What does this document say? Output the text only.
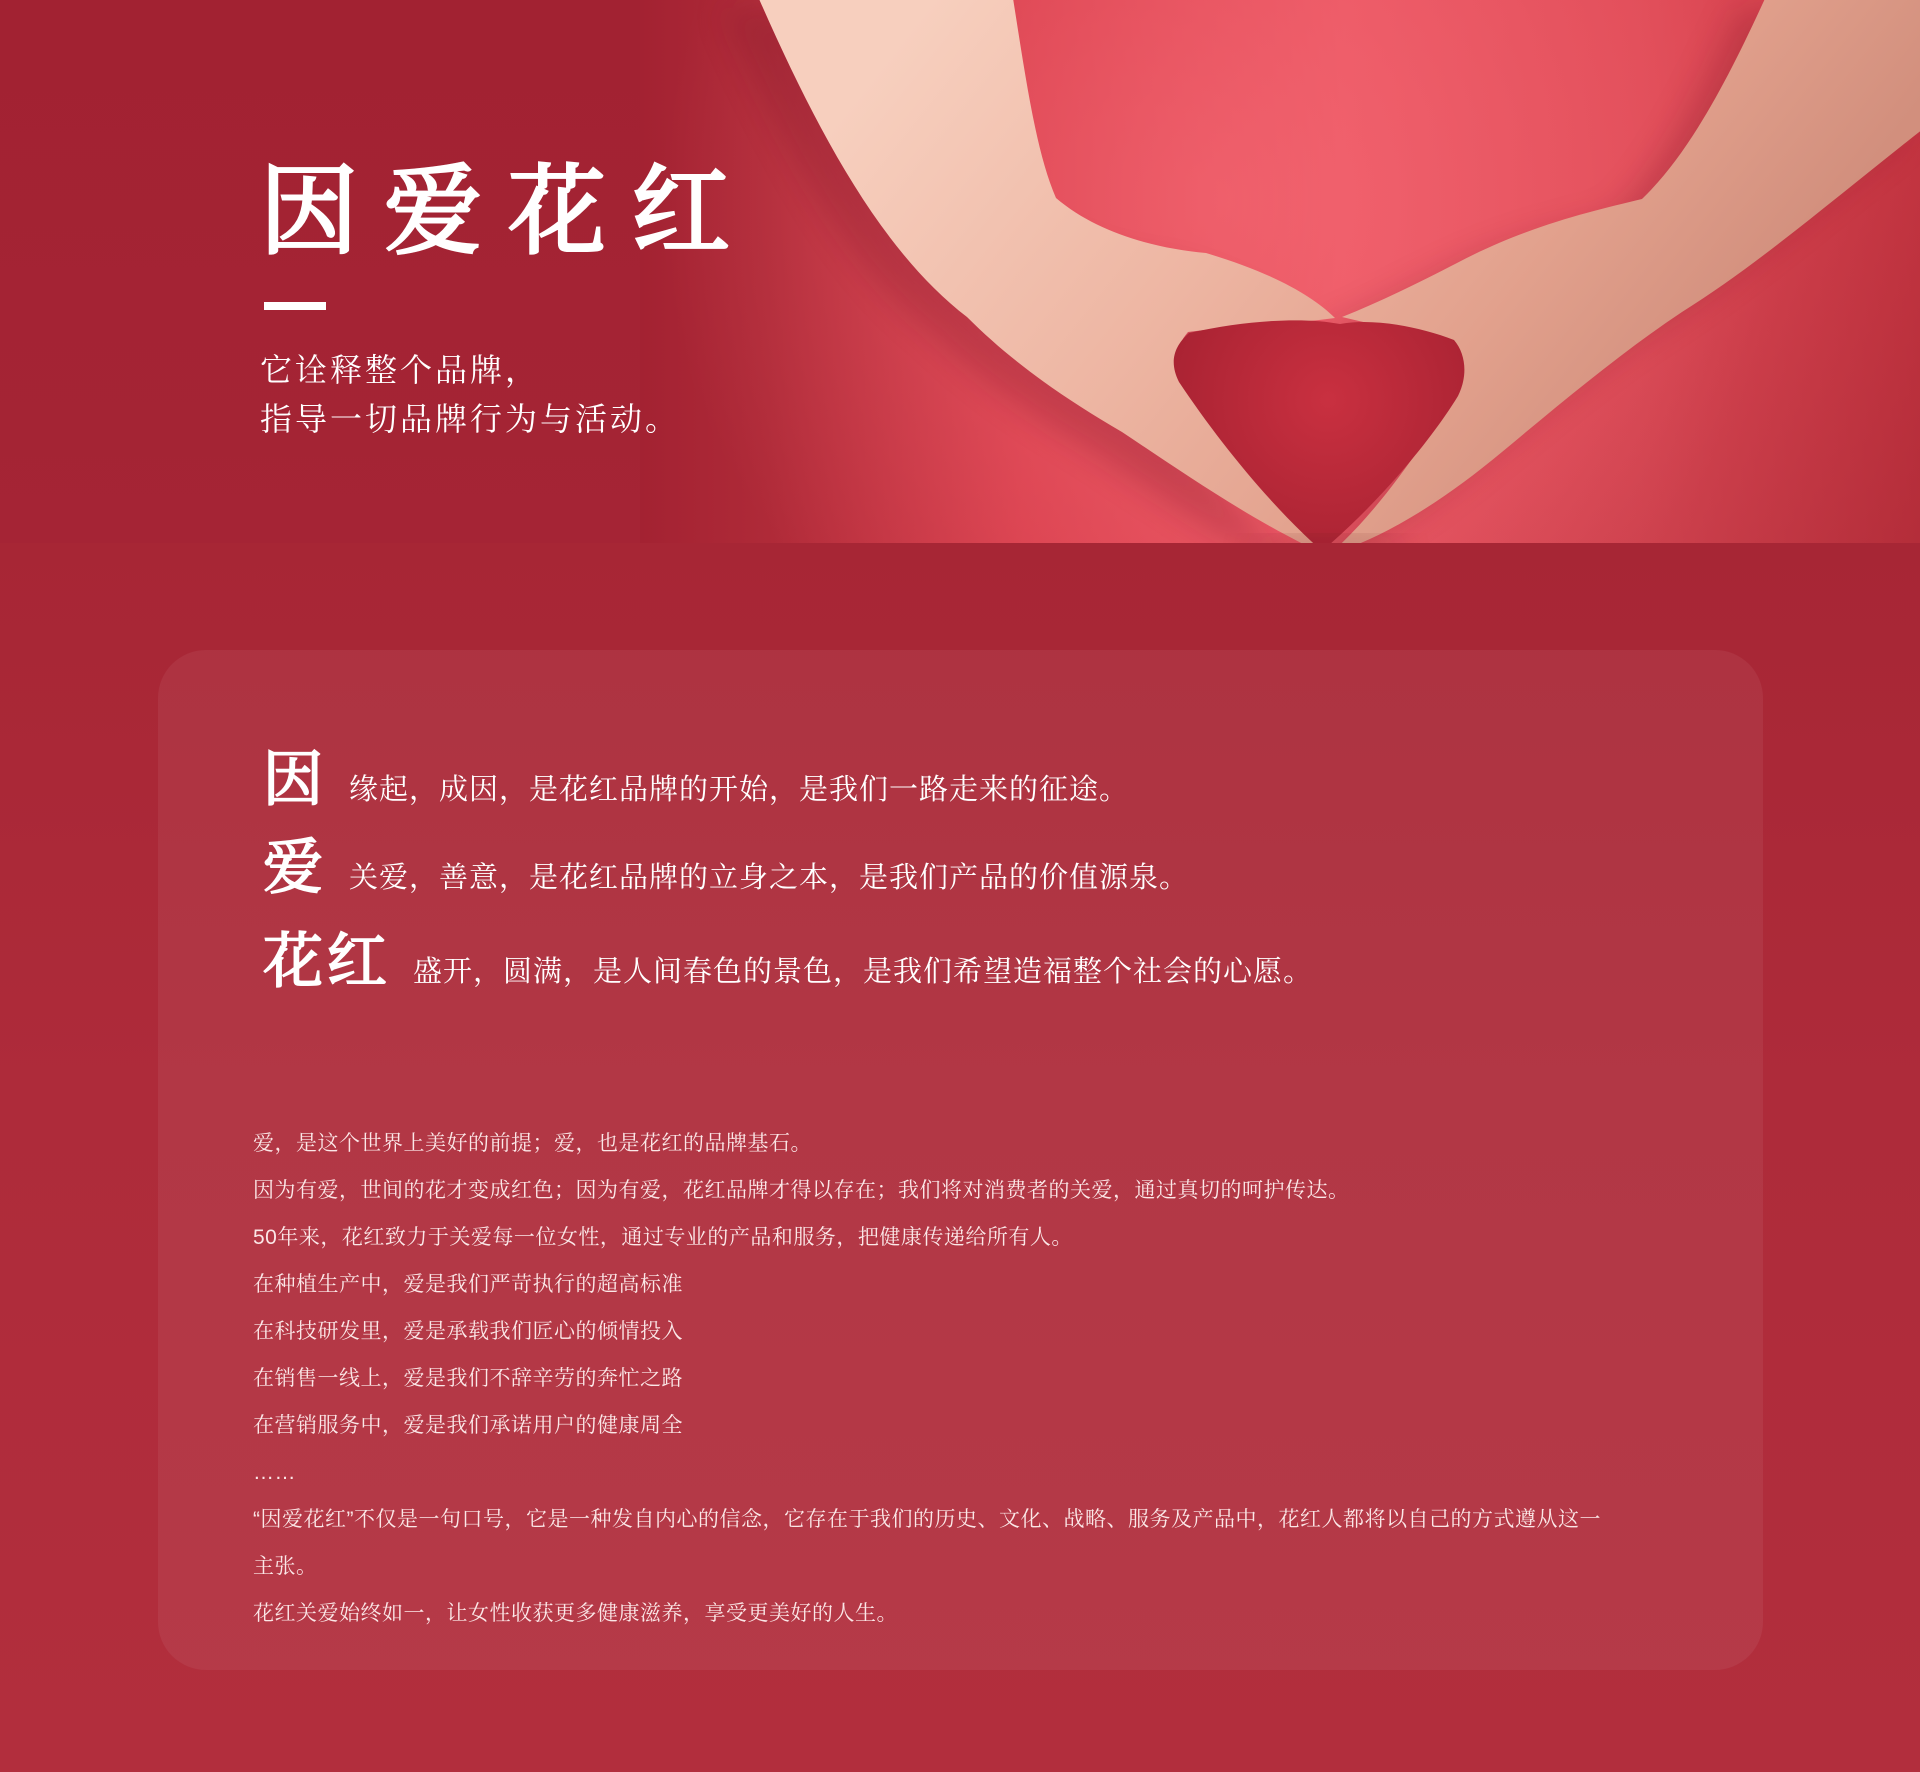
因爱花红

它诠释整个品牌，

指导一切品牌行为与活动。

因 缘起，成因，是花红品牌的开始，是我们一路走来的征途。
爱 关爱，善意，是花红品牌的立身之本，是我们产品的价值源泉。
花红 盛开，圆满，是人间春色的景色，是我们希望造福整个社会的心愿。

爱，是这个世界上美好的前提；爱，也是花红的品牌基石。

因为有爱，世间的花才变成红色；因为有爱，花红品牌才得以存在；我们将对消费者的关爱，通过真切的呵护传达。

50年来，花红致力于关爱每一位女性，通过专业的产品和服务，把健康传递给所有人。

在种植生产中，爱是我们严苛执行的超高标准

在科技研发里，爱是承载我们匠心的倾情投入

在销售一线上，爱是我们不辞辛劳的奔忙之路

在营销服务中，爱是我们承诺用户的健康周全

……

“因爱花红”不仅是一句口号，它是一种发自内心的信念，它存在于我们的历史、文化、战略、服务及产品中，花红人都将以自己的方式遵从这一

主张。

花红关爱始终如一，让女性收获更多健康滋养，享受更美好的人生。
